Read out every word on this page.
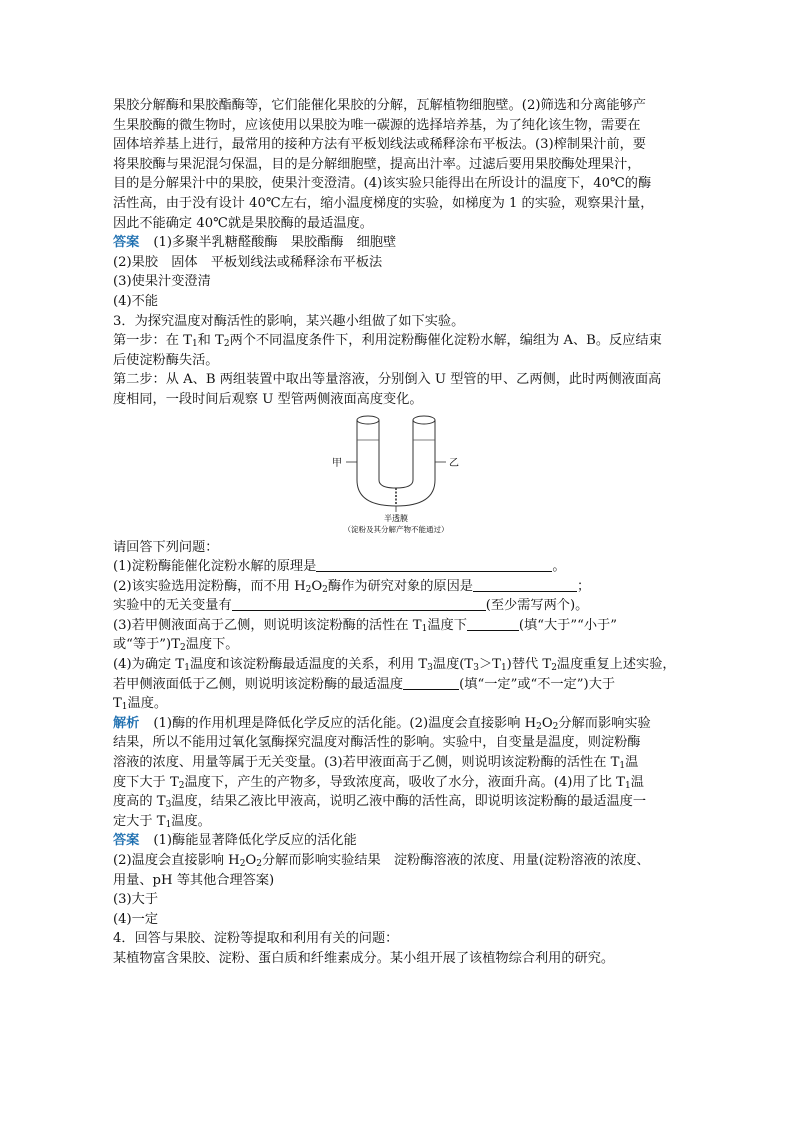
果胶分解酶和果胶酯酶等，它们能催化果胶的分解，瓦解植物细胞壁。(2)筛选和分离能够产
生果胶酶的微生物时，应该使用以果胶为唯一碳源的选择培养基，为了纯化该生物，需要在
固体培养基上进行，最常用的接种方法有平板划线法或稀释涂布平板法。(3)榨制果汁前，要
将果胶酶与果泥混匀保温，目的是分解细胞壁，提高出汁率。过滤后要用果胶酶处理果汁，
目的是分解果汁中的果胶，使果汁变澄清。(4)该实验只能得出在所设计的温度下，40℃的酶
活性高，由于没有设计 40℃左右，缩小温度梯度的实验，如梯度为 1 的实验，观察果汁量，
因此不能确定 40℃就是果胶酶的最适温度。

答案 (1)多聚半乳糖醛酸酶　果胶酯酶　细胞壁
(2)果胶　固体　平板划线法或稀释涂布平板法
(3)使果汁变澄清
(4)不能

3．为探究温度对酶活性的影响，某兴趣小组做了如下实验。
第一步：在 $T_1$和 $T_2$两个不同温度条件下，利用淀粉酶催化淀粉水解，编组为 A、B。反应结束
后使淀粉酶失活。
第二步：从 A、B 两组装置中取出等量溶液，分别倒入 U 型管的甲、乙两侧，此时两侧液面高
度相同，一段时间后观察 U 型管两侧液面高度变化。

甲	乙
半透膜
（淀粉及其分解产物不能通过）

请回答下列问题：
(1)淀粉酶能催化淀粉水解的原理是	。
(2)该实验选用淀粉酶，而不用 $H_2O_2$酶作为研究对象的原因是	；
实验中的无关变量有	(至少需写两个)。
(3)若甲侧液面高于乙侧，则说明该淀粉酶的活性在 $T_1$温度下	(填“大于”“小于”
或“等于$”)T_2$温度下。
(4)为确定 $T_1$温度和该淀粉酶最适温度的关系，利用 $T_3$温度$(T_3>T_1)$替代 $T_2$温度重复上述实验，
若甲侧液面低于乙侧，则说明该淀粉酶的最适温度	(填“一定”或“不一定”)大于
$T_1$温度。

解析 (1)酶的作用机理是降低化学反应的活化能。(2)温度会直接影响 $H_2O_2$分解而影响实验
结果，所以不能用过氧化氢酶探究温度对酶活性的影响。实验中，自变量是温度，则淀粉酶
溶液的浓度、用量等属于无关变量。(3)若甲液面高于乙侧，则说明该淀粉酶的活性在 $T_1$温
度下大于 $T_2$温度下，产生的产物多，导致浓度高，吸收了水分，液面升高。(4)用了比 $T_1$温
度高的 $T_3$温度，结果乙液比甲液高，说明乙液中酶的活性高，即说明该淀粉酶的最适温度一
定大于 $T_1$温度。

答案 (1)酶能显著降低化学反应的活化能
(2)温度会直接影响 $H_2O_2$分解而影响实验结果　淀粉酶溶液的浓度、用量(淀粉溶液的浓度、
用量、pH 等其他合理答案)
(3)大于
(4)一定

4．回答与果胶、淀粉等提取和利用有关的问题：
某植物富含果胶、淀粉、蛋白质和纤维素成分。某小组开展了该植物综合利用的研究。
